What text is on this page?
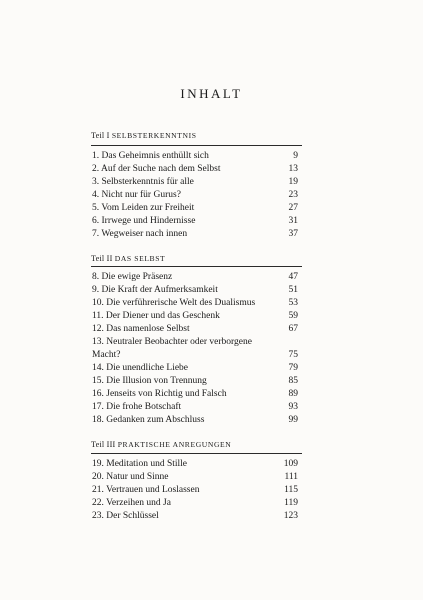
INHALT
Teil I SELBSTERKENNTNIS
1. Das Geheimnis enthüllt sich	9
2. Auf der Suche nach dem Selbst	13
3. Selbsterkenntnis für alle	19
4. Nicht nur für Gurus?	23
5. Vom Leiden zur Freiheit	27
6. Irrwege und Hindernisse	31
7. Wegweiser nach innen	37
Teil II DAS SELBST
8. Die ewige Präsenz	47
9. Die Kraft der Aufmerksamkeit	51
10. Die verführerische Welt des Dualismus	53
11. Der Diener und das Geschenk	59
12. Das namenlose Selbst	67
13. Neutraler Beobachter oder verborgene Macht?	75
14. Die unendliche Liebe	79
15. Die Illusion von Trennung	85
16. Jenseits von Richtig und Falsch	89
17. Die frohe Botschaft	93
18. Gedanken zum Abschluss	99
Teil III PRAKTISCHE ANREGUNGEN
19. Meditation und Stille	109
20. Natur und Sinne	111
21. Vertrauen und Loslassen	115
22. Verzeihen und Ja	119
23. Der Schlüssel	123
